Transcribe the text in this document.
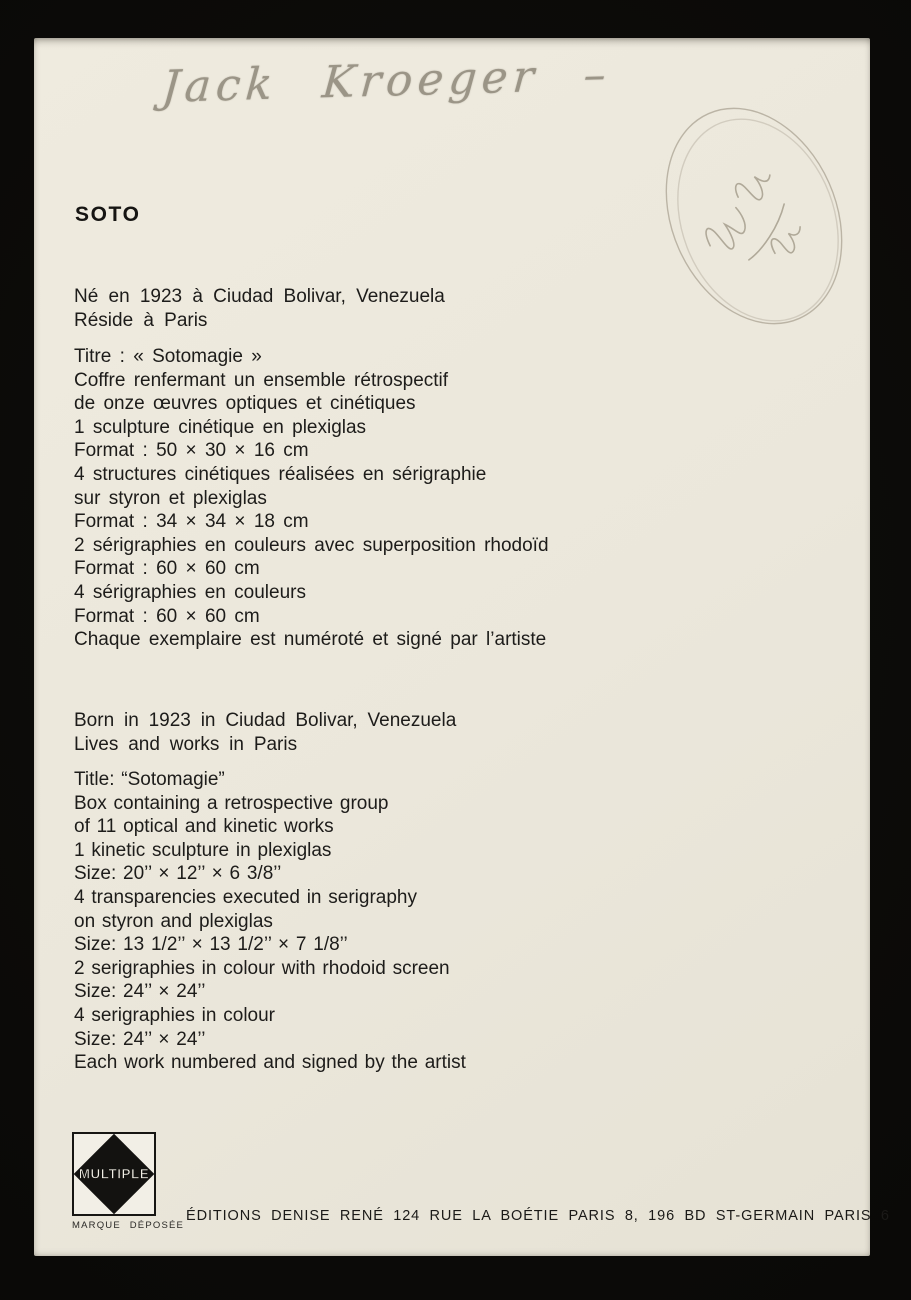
Jack Kroeger –
SOTO
Né en 1923 à Ciudad Bolivar, Venezuela
Réside à Paris
Titre : « Sotomagie »
Coffre renfermant un ensemble rétrospectif
de onze œuvres optiques et cinétiques
1 sculpture cinétique en plexiglas
Format : 50 × 30 × 16 cm
4 structures cinétiques réalisées en sérigraphie
sur styron et plexiglas
Format : 34 × 34 × 18 cm
2 sérigraphies en couleurs avec superposition rhodoïd
Format : 60 × 60 cm
4 sérigraphies en couleurs
Format : 60 × 60 cm
Chaque exemplaire est numéroté et signé par l’artiste
Born in 1923 in Ciudad Bolivar, Venezuela
Lives and works in Paris
Title: “Sotomagie”
Box containing a retrospective group
of 11 optical and kinetic works
1 kinetic sculpture in plexiglas
Size: 20’’ × 12’’ × 6 3/8’’
4 transparencies executed in serigraphy
on styron and plexiglas
Size: 13 1/2’’ × 13 1/2’’ × 7 1/8’’
2 serigraphies in colour with rhodoid screen
Size: 24’’ × 24’’
4 serigraphies in colour
Size: 24’’ × 24’’
Each work numbered and signed by the artist
MULTIPLE
MARQUE DÉPOSÉE
ÉDITIONS DENISE RENÉ 124 RUE LA BOÉTIE PARIS 8, 196 BD ST-GERMAIN PARIS 6
